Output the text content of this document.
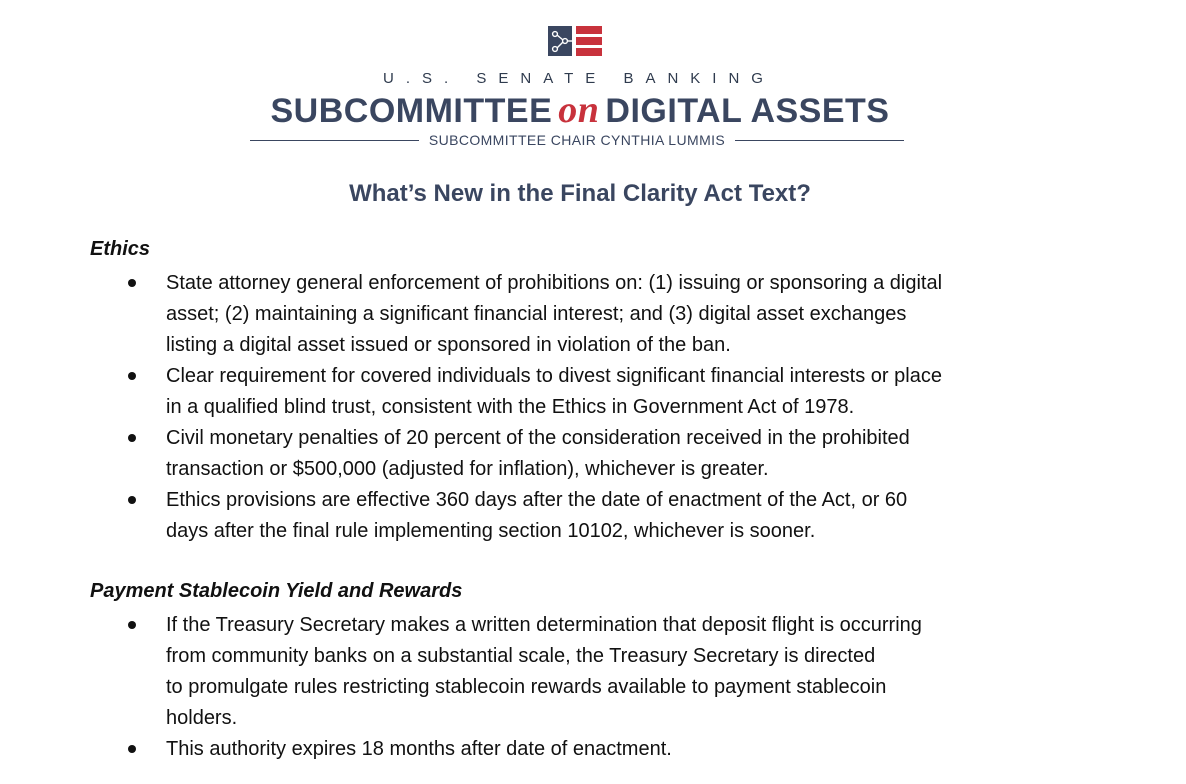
U.S. SENATE BANKING
SUBCOMMITTEE on DIGITAL ASSETS
SUBCOMMITTEE CHAIR CYNTHIA LUMMIS
What’s New in the Final Clarity Act Text?
Ethics
State attorney general enforcement of prohibitions on: (1) issuing or sponsoring a digital
asset; (2) maintaining a significant financial interest; and (3) digital asset exchanges
listing a digital asset issued or sponsored in violation of the ban.
Clear requirement for covered individuals to divest significant financial interests or place
in a qualified blind trust, consistent with the Ethics in Government Act of 1978.
Civil monetary penalties of 20 percent of the consideration received in the prohibited
transaction or $500,000 (adjusted for inflation), whichever is greater.
Ethics provisions are effective 360 days after the date of enactment of the Act, or 60
days after the final rule implementing section 10102, whichever is sooner.
Payment Stablecoin Yield and Rewards
If the Treasury Secretary makes a written determination that deposit flight is occurring
from community banks on a substantial scale, the Treasury Secretary is directed
to promulgate rules restricting stablecoin rewards available to payment stablecoin
holders.
This authority expires 18 months after date of enactment.
